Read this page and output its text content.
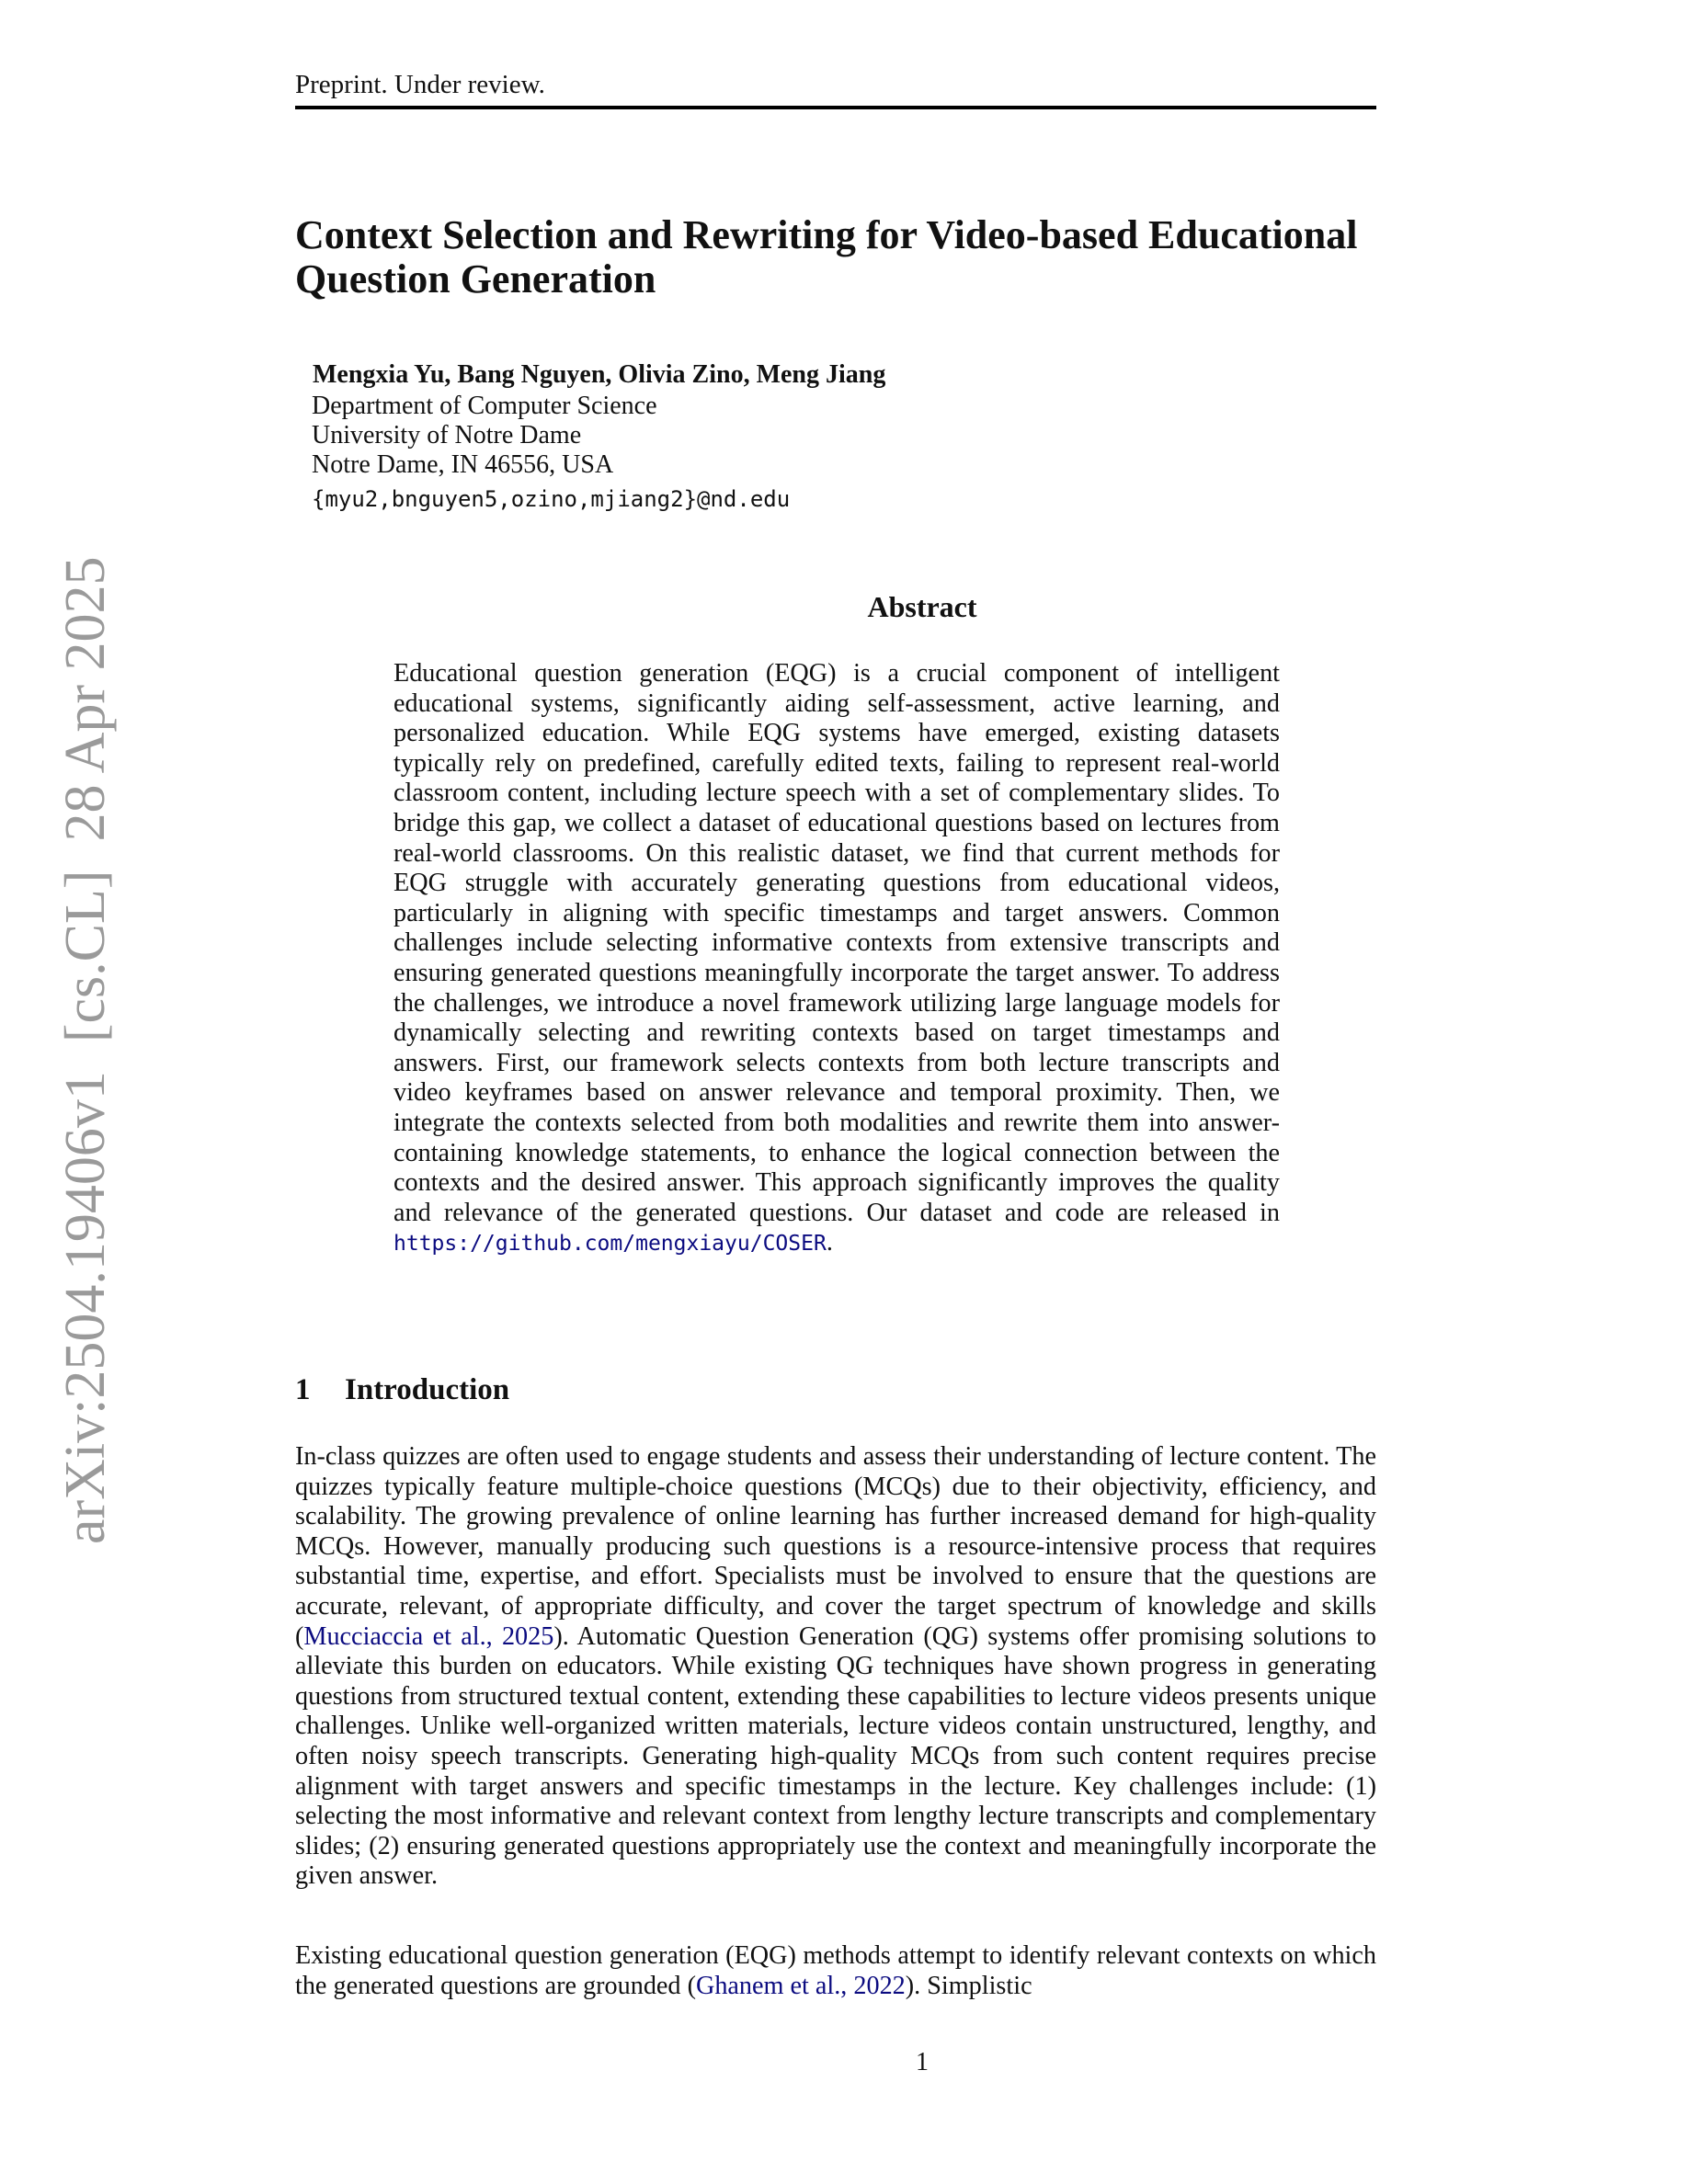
arXiv:2504.19406v1  [cs.CL]  28 Apr 2025
Preprint. Under review.
Context Selection and Rewriting for Video-based Educational
Question Generation
Mengxia Yu, Bang Nguyen, Olivia Zino, Meng Jiang
Department of Computer Science
University of Notre Dame
Notre Dame, IN 46556, USA
{myu2,bnguyen5,ozino,mjiang2}@nd.edu
Abstract
Educational question generation (EQG) is a crucial component of intelligent educational systems, significantly aiding self-assessment, active learning, and personalized education. While EQG systems have emerged, existing datasets typically rely on predefined, carefully edited texts, failing to represent real-world classroom content, including lecture speech with a set of complementary slides. To bridge this gap, we collect a dataset of educational questions based on lectures from real-world classrooms. On this realistic dataset, we find that current methods for EQG struggle with accurately generating questions from educational videos, particularly in aligning with specific timestamps and target answers. Common challenges include selecting informative contexts from extensive transcripts and ensuring generated questions meaningfully incorporate the target answer. To address the challenges, we introduce a novel framework utilizing large language models for dynamically selecting and rewriting contexts based on target timestamps and answers. First, our framework selects contexts from both lecture transcripts and video keyframes based on answer relevance and temporal proximity. Then, we integrate the contexts selected from both modalities and rewrite them into answer-containing knowledge statements, to enhance the logical connection between the contexts and the desired answer. This approach significantly improves the quality and relevance of the generated questions. Our dataset and code are released in https://github.com/mengxiayu/COSER.
1 Introduction
In-class quizzes are often used to engage students and assess their understanding of lecture content. The quizzes typically feature multiple-choice questions (MCQs) due to their objectivity, efficiency, and scalability. The growing prevalence of online learning has further increased demand for high-quality MCQs. However, manually producing such questions is a resource-intensive process that requires substantial time, expertise, and effort. Specialists must be involved to ensure that the questions are accurate, relevant, of appropriate difficulty, and cover the target spectrum of knowledge and skills (Mucciaccia et al., 2025). Automatic Question Generation (QG) systems offer promising solutions to alleviate this burden on educators. While existing QG techniques have shown progress in generating questions from structured textual content, extending these capabilities to lecture videos presents unique challenges. Unlike well-organized written materials, lecture videos contain unstructured, lengthy, and often noisy speech transcripts. Generating high-quality MCQs from such content requires precise alignment with target answers and specific timestamps in the lecture. Key challenges include: (1) selecting the most informative and relevant context from lengthy lecture transcripts and complementary slides; (2) ensuring generated questions appropriately use the context and meaningfully incorporate the given answer.
Existing educational question generation (EQG) methods attempt to identify relevant contexts on which the generated questions are grounded (Ghanem et al., 2022). Simplistic
1
